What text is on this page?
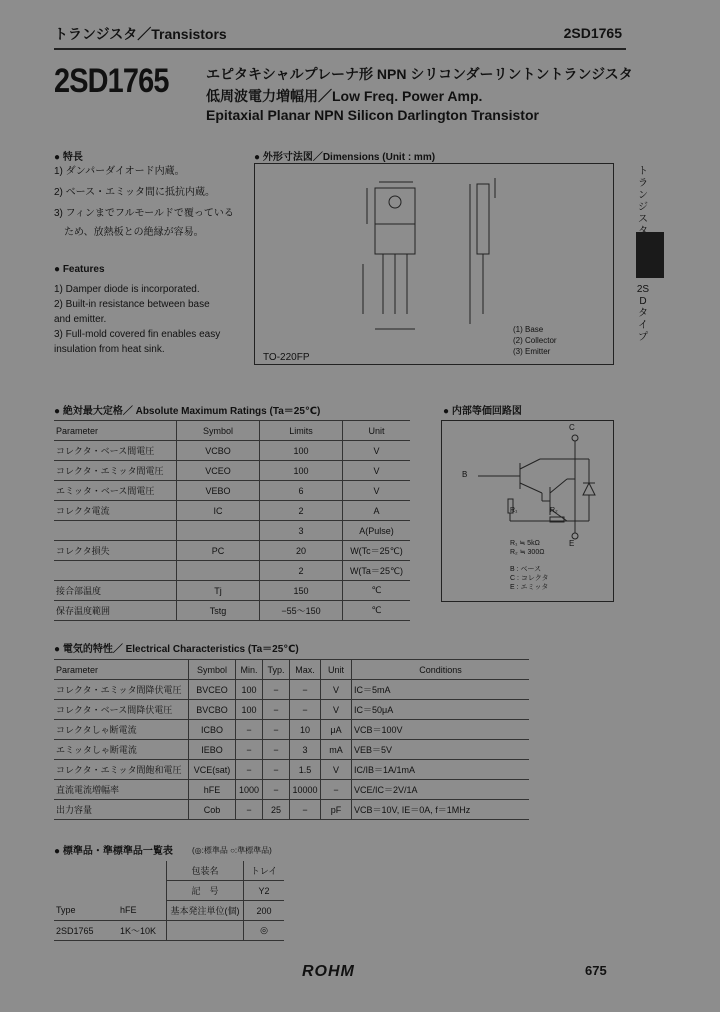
トランジスタ／Transistors	2SD1765
2SD1765	エピタキシャルプレーナ形 NPN シリコンダーリントントランジスタ
低周波電力増幅用／Low Freq. Power Amp.
Epitaxial Planar NPN Silicon Darlington Transistor
トランジス
2SDタイプ
● 特長
1) ダンパーダイオード内蔵。
2) ベース・エミッタ間に抵抗内蔵。
3) フィンまでフルモールドで覆っている
　ため、放熱板との絶縁が容易。
● Features
1) Damper diode is incorporated.
2) Built-in resistance between base
and emitter.
3) Full-mold covered fin enables easy
insulation from heat sink.
● 外形寸法図／Dimensions (Unit : mm)
TO-220FP
(1) Base
(2) Collector
(3) Emitter
● 絶対最大定格／ Absolute Maximum Ratings (Ta＝25℃)
Parameter	Symbol	Limits	Unit
コレクタ・ベース間電圧	VCBO	100	V
コレクタ・エミッタ間電圧	VCEO	100	V
エミッタ・ベース間電圧	VEBO	6	V
コレクタ電流	IC	2	A
		3	A(Pulse)
コレクタ損失	PC	20	W(Tc＝25℃)
		2	W(Ta＝25℃)
接合部温度	Tj	150	℃
保存温度範囲	Tstg	−55〜150	℃
● 内部等価回路図
C
B
E
R₁	R₂
R₁ ≒ 5kΩ
R₂ ≒ 300Ω
B : ベース
C : コレクタ
E : エミッタ
● 電気的特性／ Electrical Characteristics (Ta＝25℃)
Parameter	Symbol	Min.	Typ.	Max.	Unit	Conditions
コレクタ・エミッタ間降伏電圧	BVCEO	100	−	−	V	IC＝5mA
コレクタ・ベース間降伏電圧	BVCBO	100	−	−	V	IC＝50μA
コレクタしゃ断電流	ICBO	−	−	10	μA	VCB＝100V
エミッタしゃ断電流	IEBO	−	−	3	mA	VEB＝5V
コレクタ・エミッタ間飽和電圧	VCE(sat)	−	−	1.5	V	IC/IB＝1A/1mA
直流電流増幅率	hFE	1000	−	10000	−	VCE/IC＝2V/1A
出力容量	Cob	−	25	−	pF	VCB＝10V, IE＝0A, f＝1MHz
● 標準品・準標準品一覧表 (◎:標準品 ○:準標準品)
		包装名	トレイ
		記　号	Y2
Type	hFE	基本発注単位(個)	200
2SD1765	1K〜10K		◎
ROHM	675
